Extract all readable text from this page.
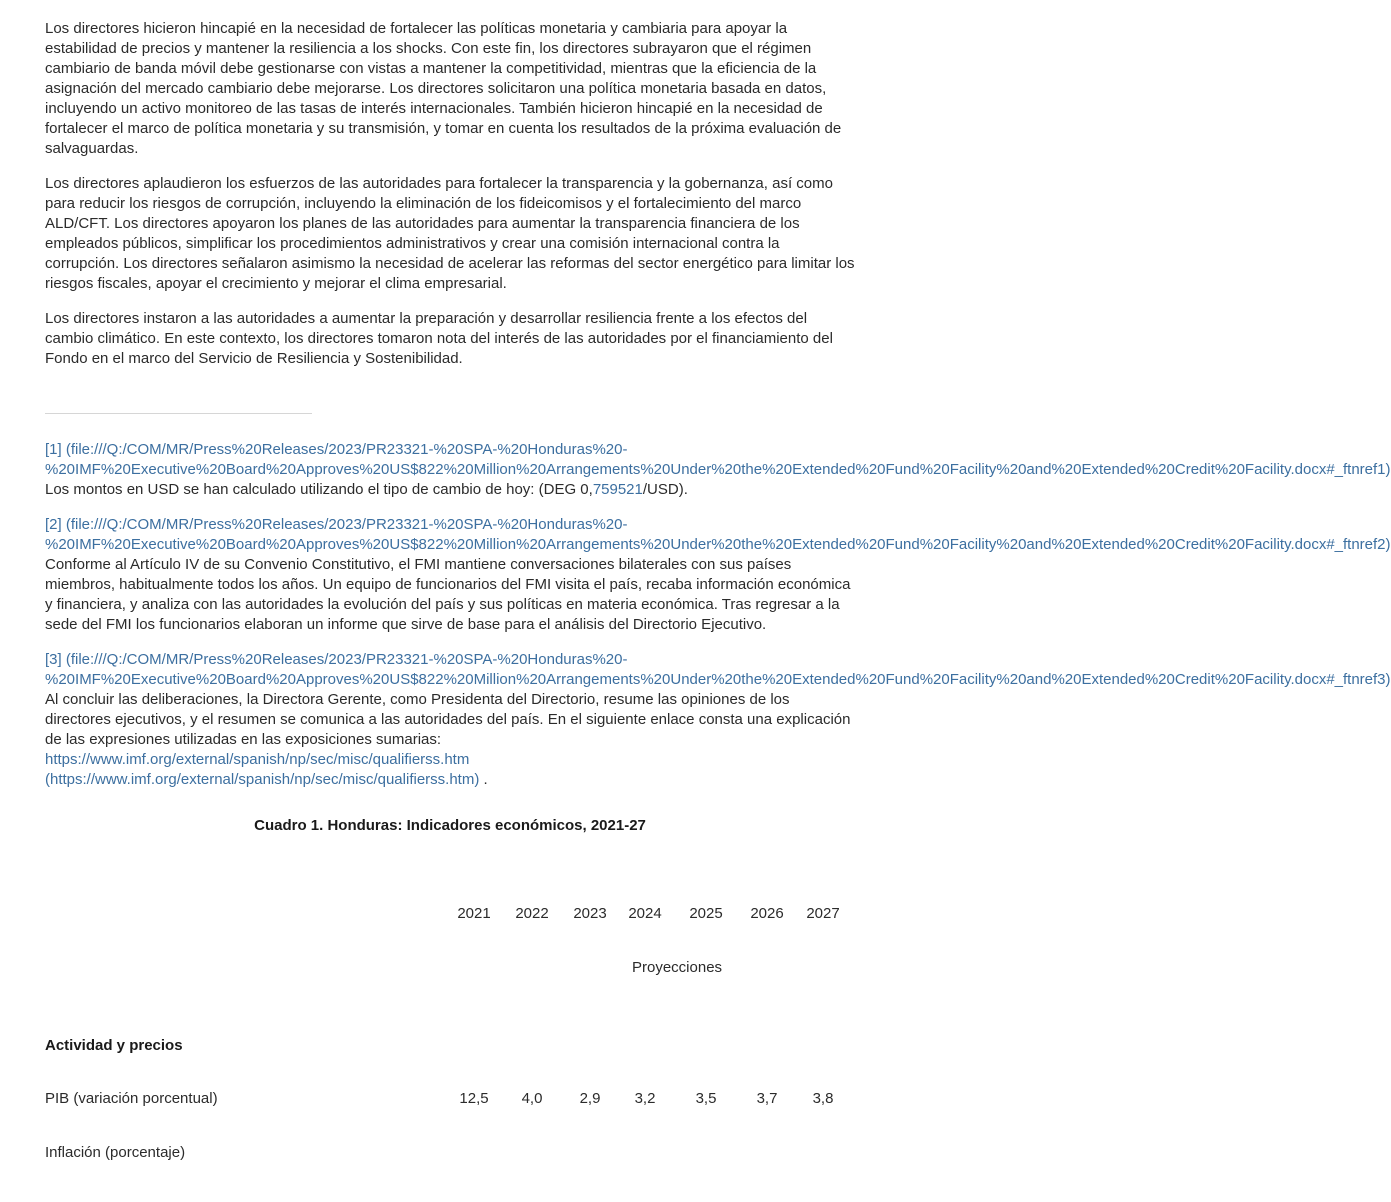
Los directores hicieron hincapié en la necesidad de fortalecer las políticas monetaria y cambiaria para apoyar la estabilidad de precios y mantener la resiliencia a los shocks. Con este fin, los directores subrayaron que el régimen cambiario de banda móvil debe gestionarse con vistas a mantener la competitividad, mientras que la eficiencia de la asignación del mercado cambiario debe mejorarse. Los directores solicitaron una política monetaria basada en datos, incluyendo un activo monitoreo de las tasas de interés internacionales. También hicieron hincapié en la necesidad de fortalecer el marco de política monetaria y su transmisión, y tomar en cuenta los resultados de la próxima evaluación de salvaguardas.

Los directores aplaudieron los esfuerzos de las autoridades para fortalecer la transparencia y la gobernanza, así como para reducir los riesgos de corrupción, incluyendo la eliminación de los fideicomisos y el fortalecimiento del marco ALD/CFT. Los directores apoyaron los planes de las autoridades para aumentar la transparencia financiera de los empleados públicos, simplificar los procedimientos administrativos y crear una comisión internacional contra la corrupción. Los directores señalaron asimismo la necesidad de acelerar las reformas del sector energético para limitar los riesgos fiscales, apoyar el crecimiento y mejorar el clima empresarial.

Los directores instaron a las autoridades a aumentar la preparación y desarrollar resiliencia frente a los efectos del cambio climático. En este contexto, los directores tomaron nota del interés de las autoridades por el financiamiento del Fondo en el marco del Servicio de Resiliencia y Sostenibilidad.

[1] (file:///Q:/COM/MR/Press%20Releases/2023/PR23321-%20SPA-%20Honduras%20-
%20IMF%20Executive%20Board%20Approves%20US$822%20Million%20Arrangements%20Under%20the%20Extended%20Fund%20Facility%20and%20Extended%20Credit%20Facility.docx#_ftnref1)
Los montos en USD se han calculado utilizando el tipo de cambio de hoy: (DEG 0,759521/USD).
[2] (file:///Q:/COM/MR/Press%20Releases/2023/PR23321-%20SPA-%20Honduras%20-
%20IMF%20Executive%20Board%20Approves%20US$822%20Million%20Arrangements%20Under%20the%20Extended%20Fund%20Facility%20and%20Extended%20Credit%20Facility.docx#_ftnref2)
Conforme al Artículo IV de su Convenio Constitutivo, el FMI mantiene conversaciones bilaterales con sus países miembros, habitualmente todos los años. Un equipo de funcionarios del FMI visita el país, recaba información económica y financiera, y analiza con las autoridades la evolución del país y sus políticas en materia económica. Tras regresar a la sede del FMI los funcionarios elaboran un informe que sirve de base para el análisis del Directorio Ejecutivo.
[3] (file:///Q:/COM/MR/Press%20Releases/2023/PR23321-%20SPA-%20Honduras%20-
%20IMF%20Executive%20Board%20Approves%20US$822%20Million%20Arrangements%20Under%20the%20Extended%20Fund%20Facility%20and%20Extended%20Credit%20Facility.docx#_ftnref3)
Al concluir las deliberaciones, la Directora Gerente, como Presidenta del Directorio, resume las opiniones de los directores ejecutivos, y el resumen se comunica a las autoridades del país. En el siguiente enlace consta una explicación de las expresiones utilizadas en las exposiciones sumarias:
https://www.imf.org/external/spanish/np/sec/misc/qualifierss.htm
(https://www.imf.org/external/spanish/np/sec/misc/qualifierss.htm) .
Cuadro 1. Honduras: Indicadores económicos, 2021-27
2021	2022	2023	2024	2025	2026	2027
Proyecciones
Actividad y precios
PIB (variación porcentual)	12,5	4,0	2,9	3,2	3,5	3,7	3,8
Inflación (porcentaje)
